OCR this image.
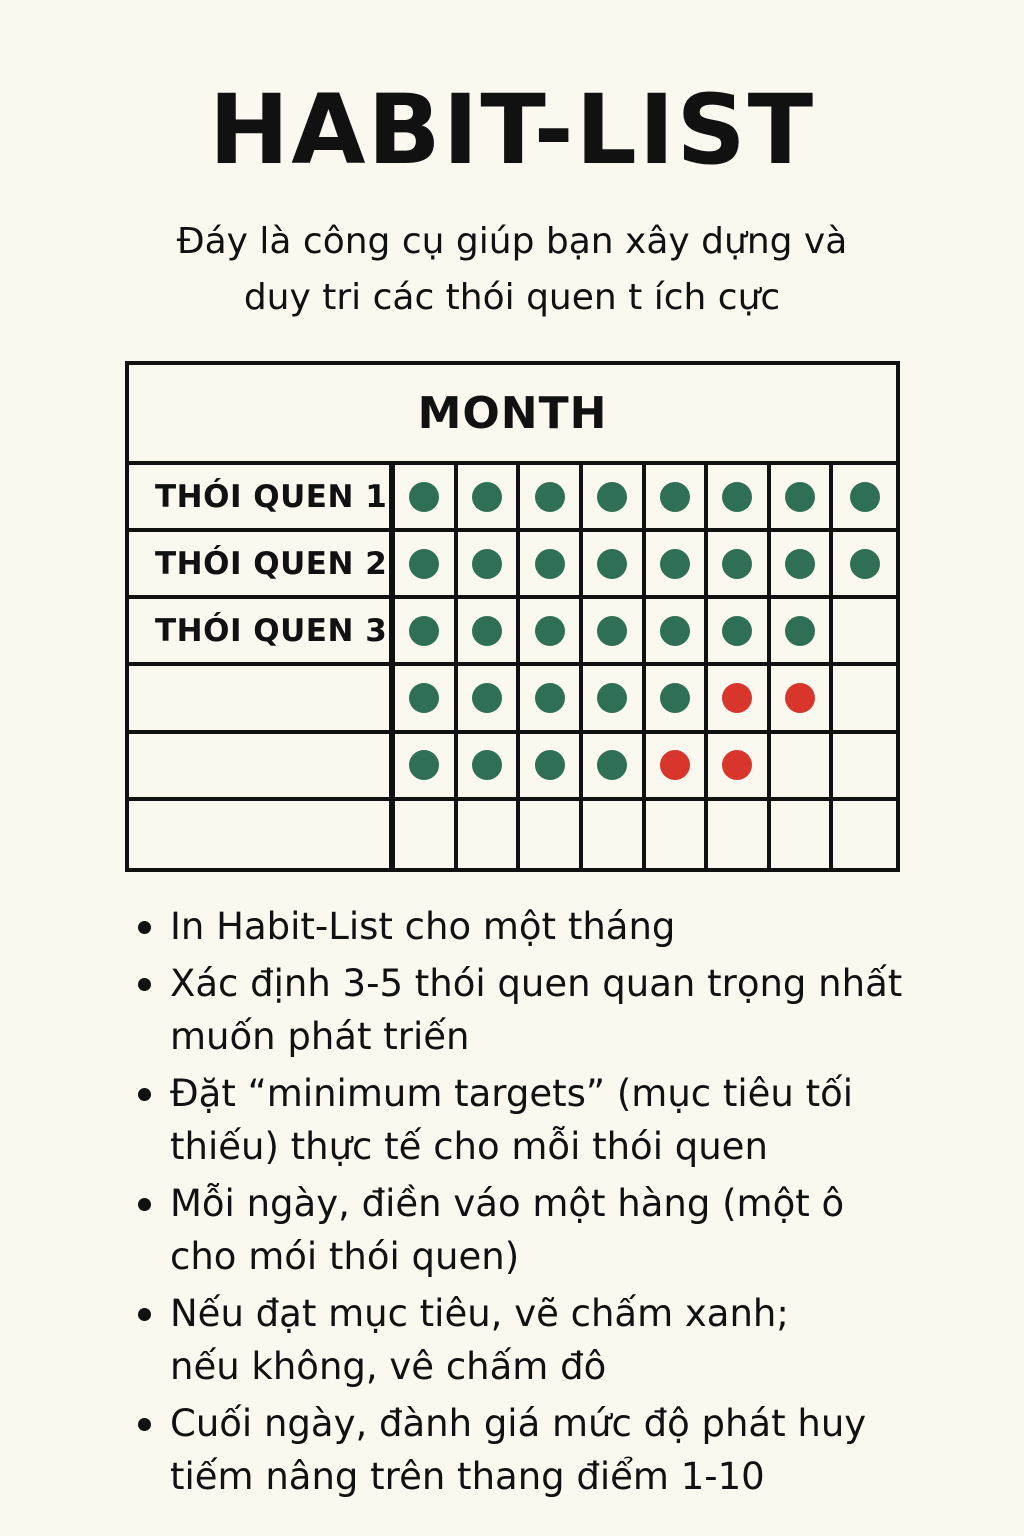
HABIT-LIST

Đáy là công cụ giúp bạn xây dựng và
duy tri các thói quen t ích cực

MONTH
THÓI QUEN 1
THÓI QUEN 2
THÓI QUEN 3
In Habit-List cho một tháng
Xác định 3-5 thói quen quan trọng nhất
muốn phát triến
Đặt “minimum targets” (mục tiêu tối
thiếu) thực tế cho mỗi thói quen
Mỗi ngày, điền váo một hàng (một ô
cho mói thói quen)
Nếu đạt mục tiêu, vẽ chấm xanh;
nếu không, vê chấm đô
Cuối ngày, đành giá mức độ phát huy
tiếm nâng trên thang điểm 1-10
